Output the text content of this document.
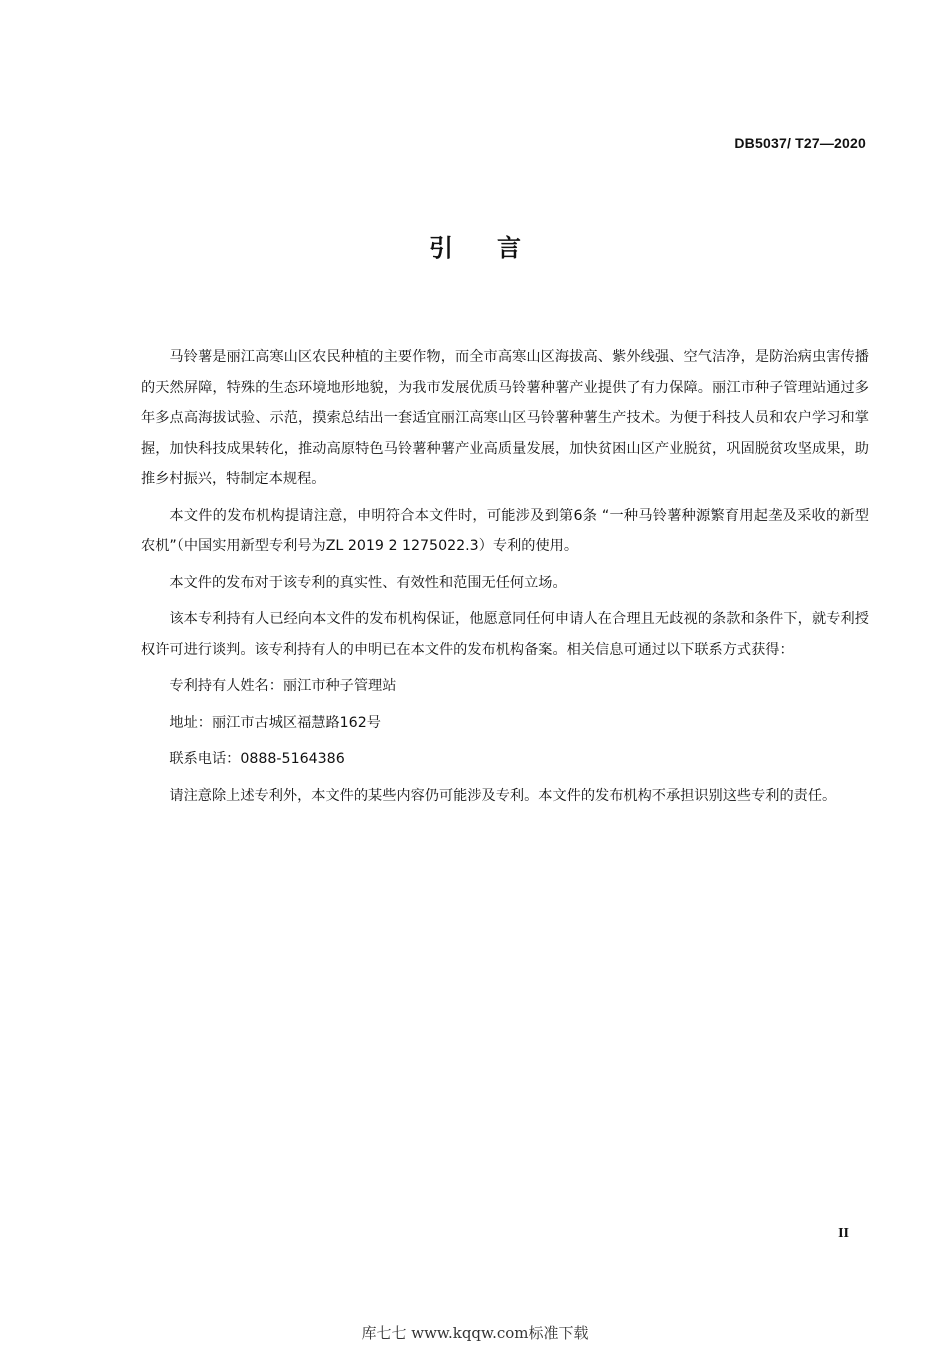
DB5037/ T27—2020
引言

马铃薯是丽江高寒山区农民种植的主要作物，而全市高寒山区海拔高、紫外线强、空气洁净，是防治病虫害传播的天然屏障，特殊的生态环境地形地貌，为我市发展优质马铃薯种薯产业提供了有力保障。丽江市种子管理站通过多年多点高海拔试验、示范，摸索总结出一套适宜丽江高寒山区马铃薯种薯生产技术。为便于科技人员和农户学习和掌握，加快科技成果转化，推动高原特色马铃薯种薯产业高质量发展，加快贫困山区产业脱贫，巩固脱贫攻坚成果，助推乡村振兴，特制定本规程。

本文件的发布机构提请注意，申明符合本文件时，可能涉及到第6条 “一种马铃薯种源繁育用起垄及采收的新型农机”（中国实用新型专利号为ZL 2019 2 1275022.3）专利的使用。

本文件的发布对于该专利的真实性、有效性和范围无任何立场。

该本专利持有人已经向本文件的发布机构保证，他愿意同任何申请人在合理且无歧视的条款和条件下，就专利授权许可进行谈判。该专利持有人的申明已在本文件的发布机构备案。相关信息可通过以下联系方式获得：

专利持有人姓名：丽江市种子管理站

地址：丽江市古城区福慧路162号

联系电话：0888-5164386

请注意除上述专利外，本文件的某些内容仍可能涉及专利。本文件的发布机构不承担识别这些专利的责任。

II
库七七 www.kqqw.com标准下载
